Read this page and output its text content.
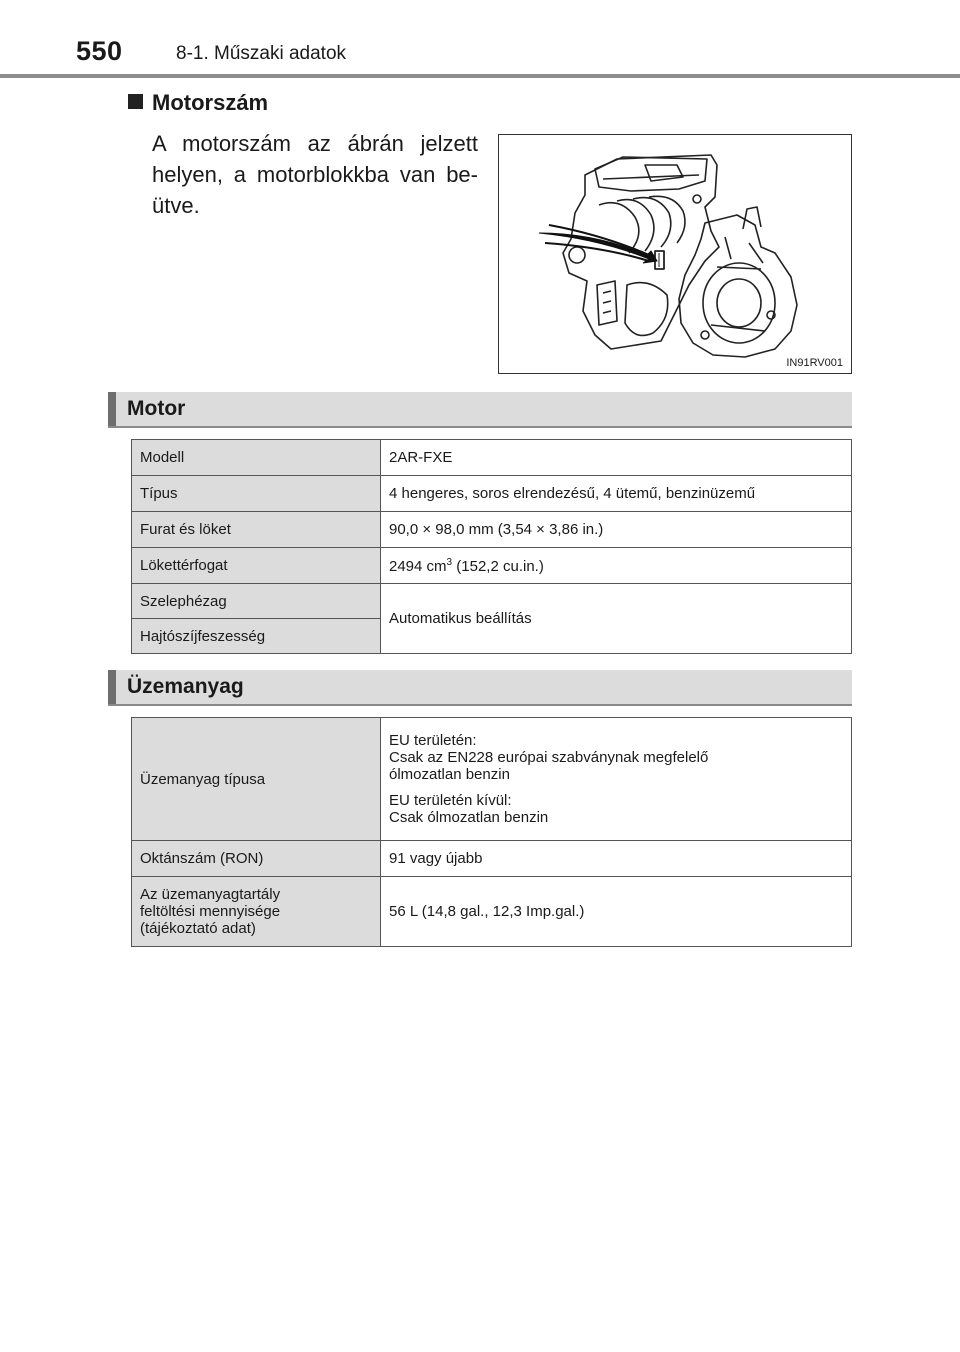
550	8-1. Műszaki adatok
Motorszám
A motorszám az ábrán jelzett helyen, a motorblokkba van be-ütve.
IN91RV001
Motor
Modell	2AR-FXE
Típus	4 hengeres, soros elrendezésű, 4 ütemű, benzinüzemű
Furat és löket	90,0 × 98,0 mm (3,54 × 3,86 in.)
Lökettérfogat	2494 $cm^3$ (152,2 cu.in.)
Szelephézag	Automatikus beállítás
Hajtószíjfeszesség	
Üzemanyag
Üzemanyag típusa	EU területén:
Csak az EN228 európai szabványnak megfelelő
ólmozatlan benzin

EU területén kívül:
Csak ólmozatlan benzin

Oktánszám (RON)	91 vagy újabb
Az üzemanyagtartály
feltöltési mennyisége
(tájékoztató adat)	56 L (14,8 gal., 12,3 Imp.gal.)
